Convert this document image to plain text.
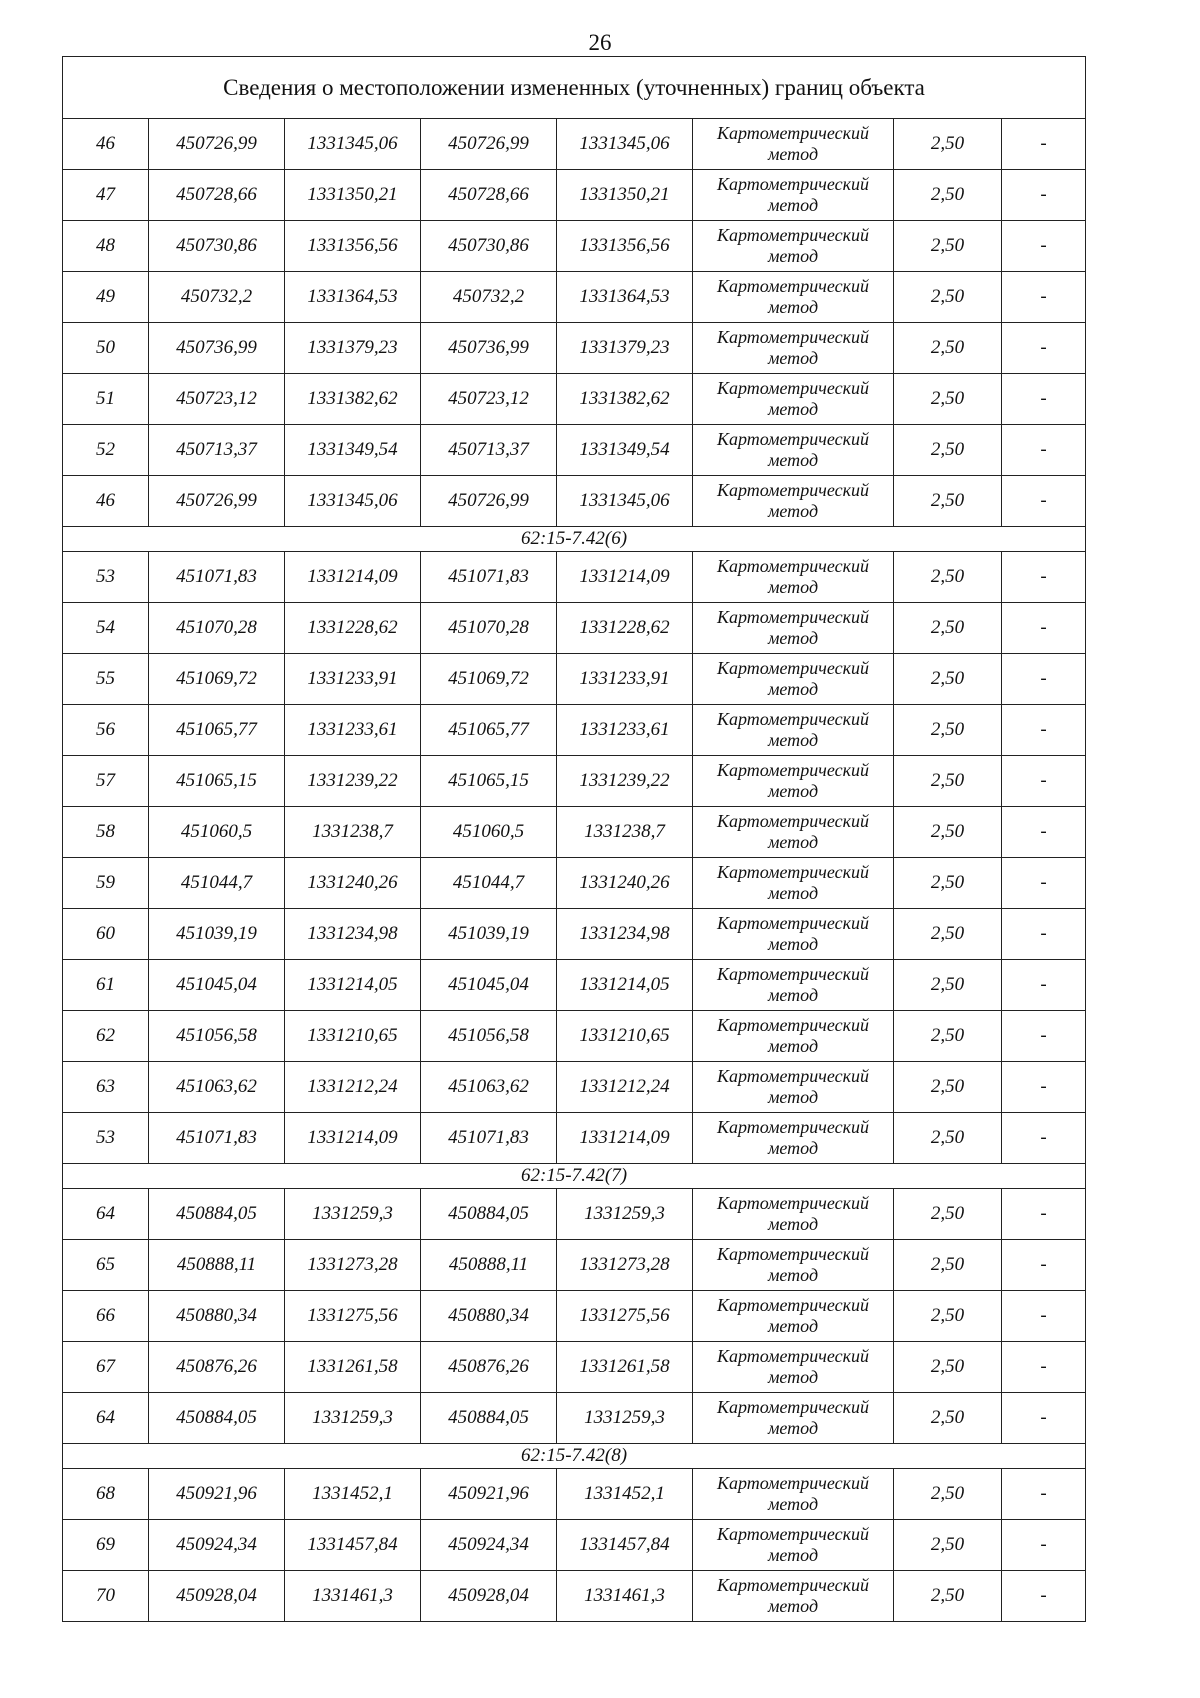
26
Сведения о местоположении измененных (уточненных) границ объекта							
46	450726,99	1331345,06	450726,99	1331345,06	Картометрический метод	2,50	-
47	450728,66	1331350,21	450728,66	1331350,21	Картометрический метод	2,50	-
48	450730,86	1331356,56	450730,86	1331356,56	Картометрический метод	2,50	-
49	450732,2	1331364,53	450732,2	1331364,53	Картометрический метод	2,50	-
50	450736,99	1331379,23	450736,99	1331379,23	Картометрический метод	2,50	-
51	450723,12	1331382,62	450723,12	1331382,62	Картометрический метод	2,50	-
52	450713,37	1331349,54	450713,37	1331349,54	Картометрический метод	2,50	-
46	450726,99	1331345,06	450726,99	1331345,06	Картометрический метод	2,50	-
62:15-7.42(6)							
53	451071,83	1331214,09	451071,83	1331214,09	Картометрический метод	2,50	-
54	451070,28	1331228,62	451070,28	1331228,62	Картометрический метод	2,50	-
55	451069,72	1331233,91	451069,72	1331233,91	Картометрический метод	2,50	-
56	451065,77	1331233,61	451065,77	1331233,61	Картометрический метод	2,50	-
57	451065,15	1331239,22	451065,15	1331239,22	Картометрический метод	2,50	-
58	451060,5	1331238,7	451060,5	1331238,7	Картометрический метод	2,50	-
59	451044,7	1331240,26	451044,7	1331240,26	Картометрический метод	2,50	-
60	451039,19	1331234,98	451039,19	1331234,98	Картометрический метод	2,50	-
61	451045,04	1331214,05	451045,04	1331214,05	Картометрический метод	2,50	-
62	451056,58	1331210,65	451056,58	1331210,65	Картометрический метод	2,50	-
63	451063,62	1331212,24	451063,62	1331212,24	Картометрический метод	2,50	-
53	451071,83	1331214,09	451071,83	1331214,09	Картометрический метод	2,50	-
62:15-7.42(7)							
64	450884,05	1331259,3	450884,05	1331259,3	Картометрический метод	2,50	-
65	450888,11	1331273,28	450888,11	1331273,28	Картометрический метод	2,50	-
66	450880,34	1331275,56	450880,34	1331275,56	Картометрический метод	2,50	-
67	450876,26	1331261,58	450876,26	1331261,58	Картометрический метод	2,50	-
64	450884,05	1331259,3	450884,05	1331259,3	Картометрический метод	2,50	-
62:15-7.42(8)							
68	450921,96	1331452,1	450921,96	1331452,1	Картометрический метод	2,50	-
69	450924,34	1331457,84	450924,34	1331457,84	Картометрический метод	2,50	-
70	450928,04	1331461,3	450928,04	1331461,3	Картометрический метод	2,50	-
